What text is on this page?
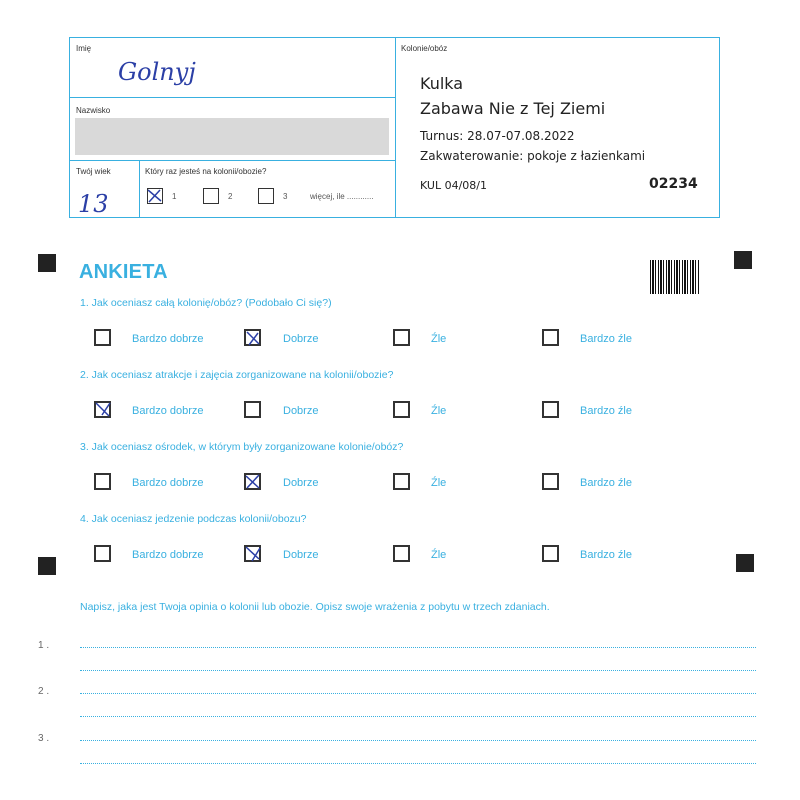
Imię
Golnyj
Nazwisko
Twój wiek
13
Który raz jesteś na kolonii/obozie?
1	2	3	więcej, ile ............
Kolonie/obóz
Kulka
Zabawa Nie z Tej Ziemi
Turnus: 28.07-07.08.2022
Zakwaterowanie: pokoje z łazienkami
KUL 04/08/1	02234
ANKIETA
1. Jak oceniasz całą kolonię/obóz? (Podobało Ci się?)
Bardzo dobrze	Dobrze	Źle	Bardzo źle
2. Jak oceniasz atrakcje i zajęcia zorganizowane na kolonii/obozie?
Bardzo dobrze	Dobrze	Źle	Bardzo źle
3. Jak oceniasz ośrodek, w którym były zorganizowane kolonie/obóz?
Bardzo dobrze	Dobrze	Źle	Bardzo źle
4. Jak oceniasz jedzenie podczas kolonii/obozu?
Bardzo dobrze	Dobrze	Źle	Bardzo źle
Napisz, jaka jest Twoja opinia o kolonii lub obozie. Opisz swoje wrażenia z pobytu w trzech zdaniach.
1 .
2 .
3 .
